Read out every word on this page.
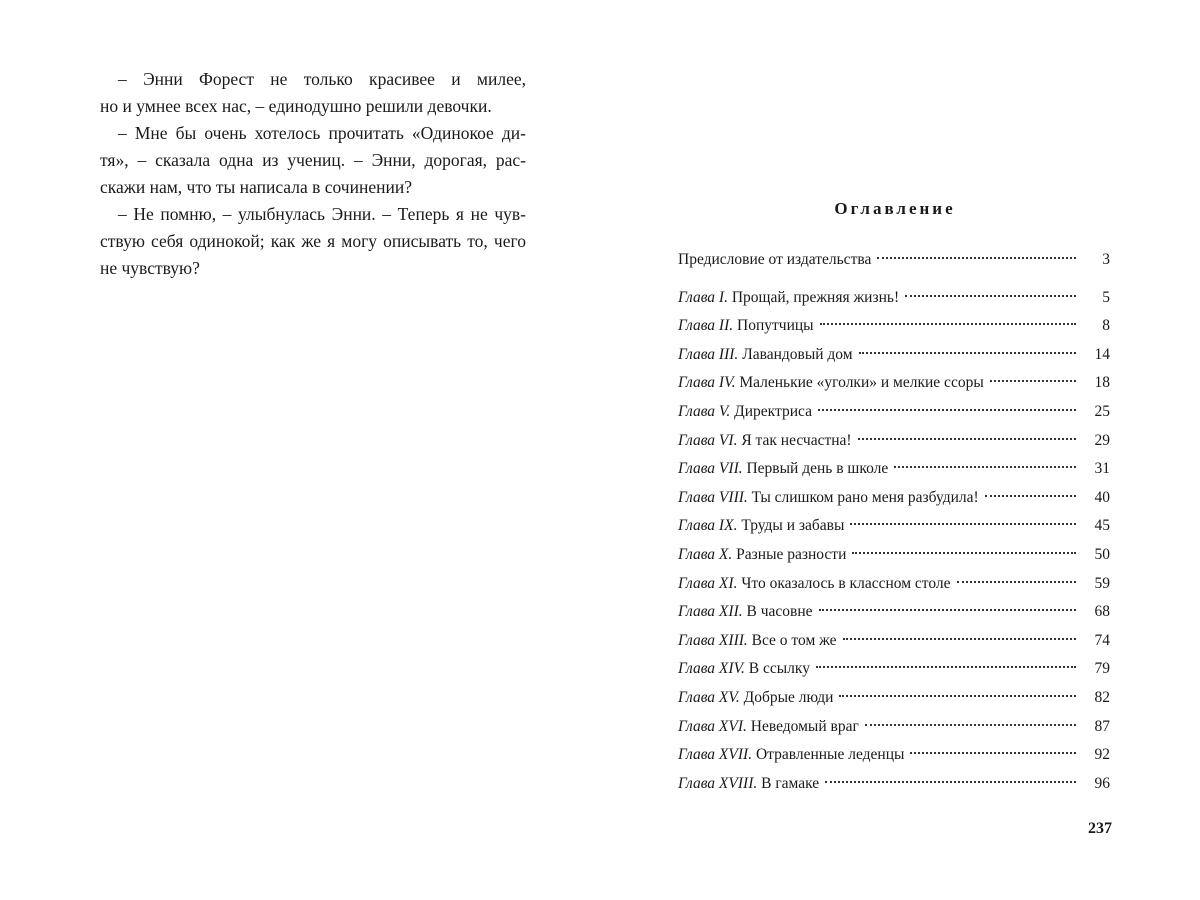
– Энни Форест не только красивее и милее,
но и умнее всех нас, – единодушно решили девочки.
– Мне бы очень хотелось прочитать «Одинокое ди-
тя», – сказала одна из учениц. – Энни, дорогая, рас-
скажи нам, что ты написала в сочинении?
– Не помню, – улыбнулась Энни. – Теперь я не чув-
ствую себя одинокой; как же я могу описывать то, чего
не чувствую?
Оглавление
Предисловие от издательства	3
Глава I. Прощай, прежняя жизнь!	5
Глава II. Попутчицы	8
Глава III. Лавандовый дом	14
Глава IV. Маленькие «уголки» и мелкие ссоры	18
Глава V. Директриса	25
Глава VI. Я так несчастна!	29
Глава VII. Первый день в школе	31
Глава VIII. Ты слишком рано меня разбудила!	40
Глава IX. Труды и забавы	45
Глава X. Разные разности	50
Глава XI. Что оказалось в классном столе	59
Глава XII. В часовне	68
Глава XIII. Все о том же	74
Глава XIV. В ссылку	79
Глава XV. Добрые люди	82
Глава XVI. Неведомый враг	87
Глава XVII. Отравленные леденцы	92
Глава XVIII. В гамаке	96
237
